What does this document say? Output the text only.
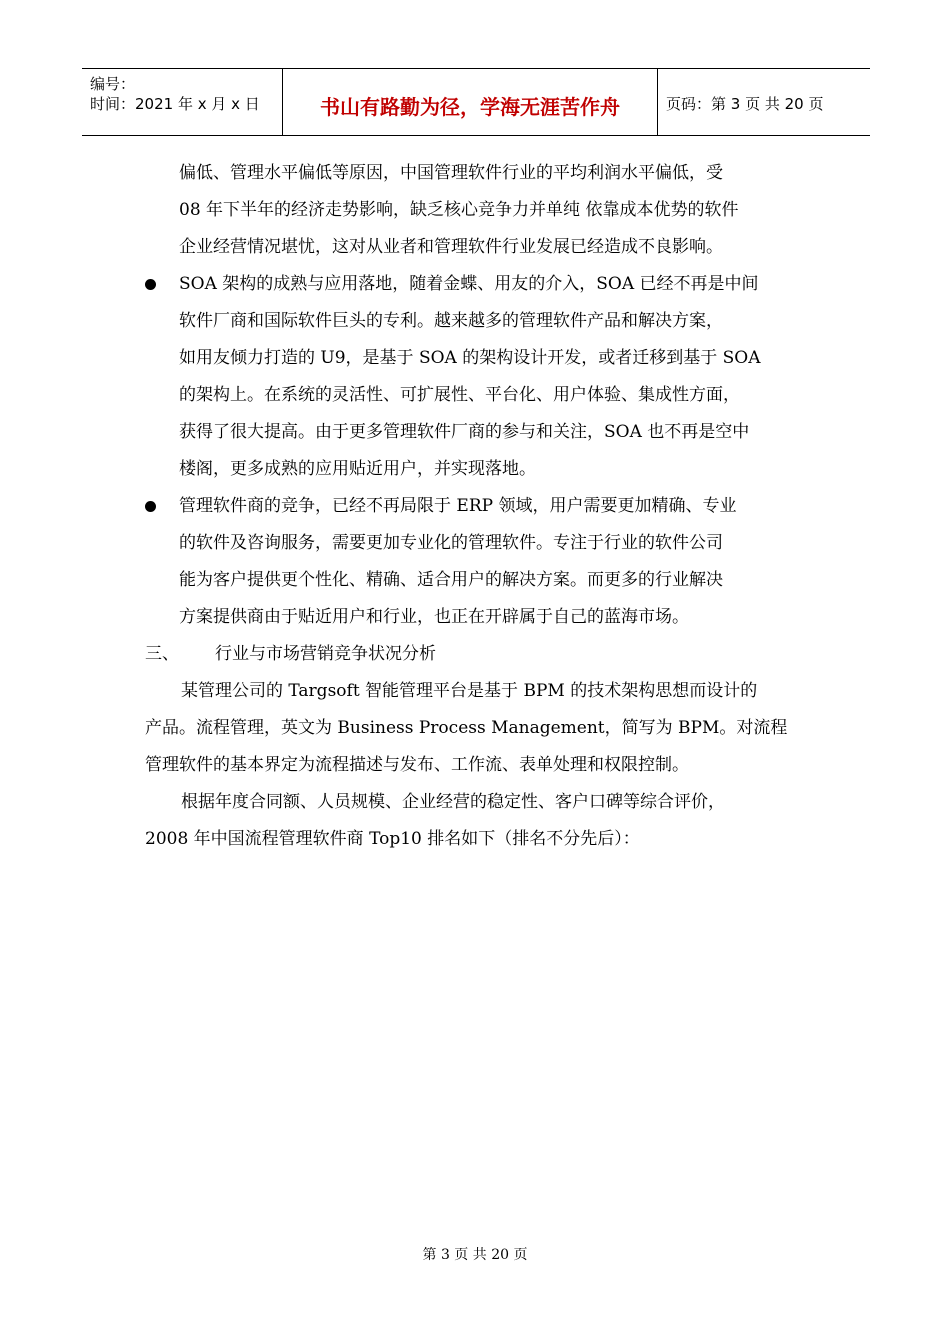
编号：
时间：2021 年 x 月 x 日	书山有路勤为径，学海无涯苦作舟	页码：第 3 页 共 20 页
偏低、管理水平偏低等原因，中国管理软件行业的平均利润水平偏低，受
08 年下半年的经济走势影响，缺乏核心竞争力并单纯 依靠成本优势的软件
企业经营情况堪忧，这对从业者和管理软件行业发展已经造成不良影响。
SOA 架构的成熟与应用落地，随着金蝶、用友的介入，SOA 已经不再是中间
软件厂商和国际软件巨头的专利。越来越多的管理软件产品和解决方案，
如用友倾力打造的 U9，是基于 SOA 的架构设计开发，或者迁移到基于 SOA
的架构上。在系统的灵活性、可扩展性、平台化、用户体验、集成性方面，
获得了很大提高。由于更多管理软件厂商的参与和关注，SOA 也不再是空中
楼阁，更多成熟的应用贴近用户，并实现落地。
管理软件商的竞争，已经不再局限于 ERP 领域，用户需要更加精确、专业
的软件及咨询服务，需要更加专业化的管理软件。专注于行业的软件公司
能为客户提供更个性化、精确、适合用户的解决方案。而更多的行业解决
方案提供商由于贴近用户和行业，也正在开辟属于自己的蓝海市场。
三、 行业与市场营销竞争状况分析
某管理公司的 Targsoft 智能管理平台是基于 BPM 的技术架构思想而设计的
产品。流程管理，英文为 Business Process Management，简写为 BPM。对流程
管理软件的基本界定为流程描述与发布、工作流、表单处理和权限控制。
根据年度合同额、人员规模、企业经营的稳定性、客户口碑等综合评价，
2008 年中国流程管理软件商 Top10 排名如下（排名不分先后）：
第 3 页 共 20 页
